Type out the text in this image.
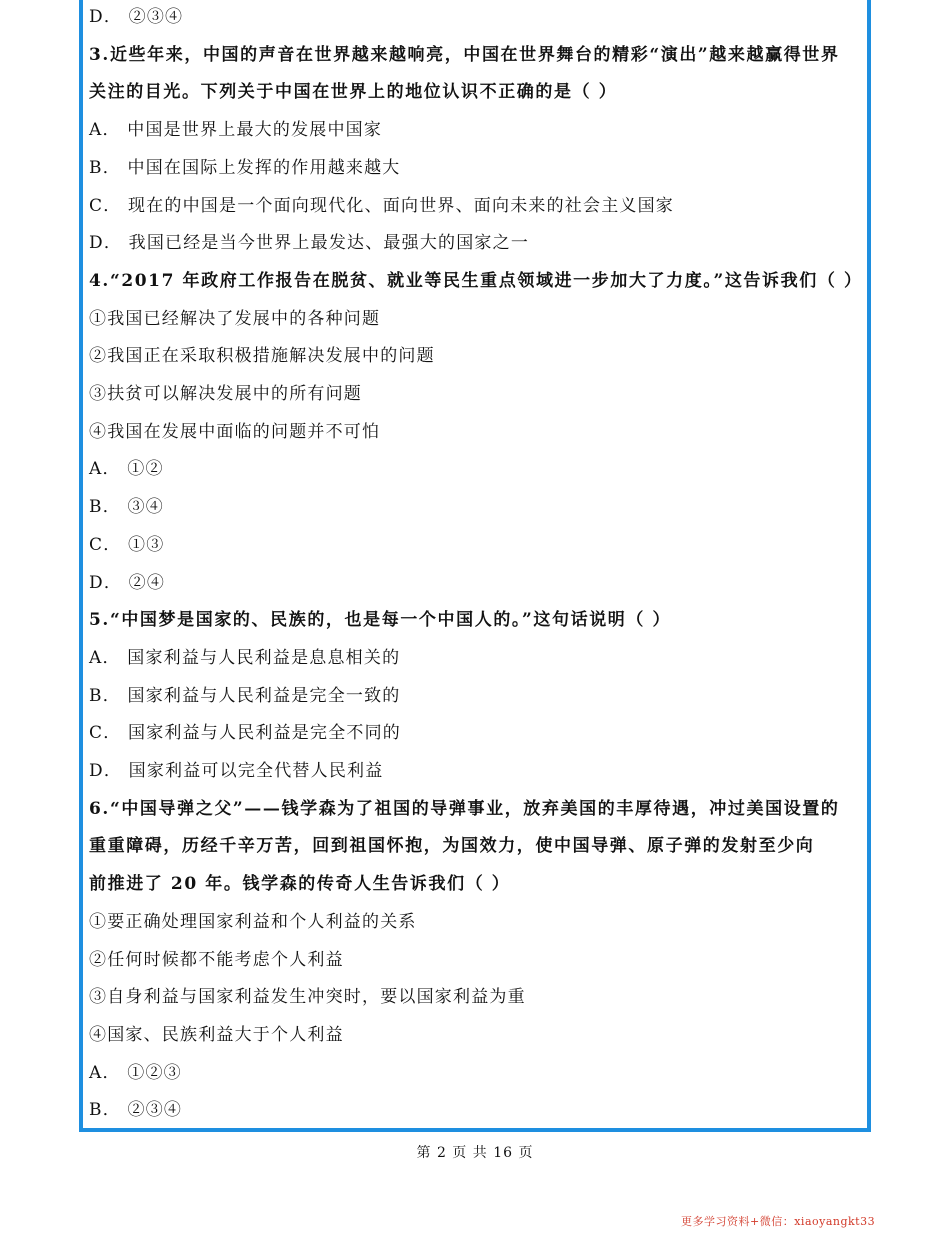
D． ②③④
3.近些年来，中国的声音在世界越来越响亮，中国在世界舞台的精彩“演出”越来越赢得世界
关注的目光。下列关于中国在世界上的地位认识不正确的是（ ）
A． 中国是世界上最大的发展中国家
B． 中国在国际上发挥的作用越来越大
C． 现在的中国是一个面向现代化、面向世界、面向未来的社会主义国家
D． 我国已经是当今世界上最发达、最强大的国家之一
4.“2017 年政府工作报告在脱贫、就业等民生重点领域进一步加大了力度。”这告诉我们（ ）
①我国已经解决了发展中的各种问题
②我国正在采取积极措施解决发展中的问题
③扶贫可以解决发展中的所有问题
④我国在发展中面临的问题并不可怕
A． ①②
B． ③④
C． ①③
D． ②④
5.“中国梦是国家的、民族的，也是每一个中国人的。”这句话说明（ ）
A． 国家利益与人民利益是息息相关的
B． 国家利益与人民利益是完全一致的
C． 国家利益与人民利益是完全不同的
D． 国家利益可以完全代替人民利益
6.“中国导弹之父”——钱学森为了祖国的导弹事业，放弃美国的丰厚待遇，冲过美国设置的
重重障碍，历经千辛万苦，回到祖国怀抱，为国效力，使中国导弹、原子弹的发射至少向
前推进了 20 年。钱学森的传奇人生告诉我们（ ）
①要正确处理国家利益和个人利益的关系
②任何时候都不能考虑个人利益
③自身利益与国家利益发生冲突时，要以国家利益为重
④国家、民族利益大于个人利益
A． ①②③
B． ②③④
第 2 页 共 16 页
更多学习资料+微信：xiaoyangkt33
